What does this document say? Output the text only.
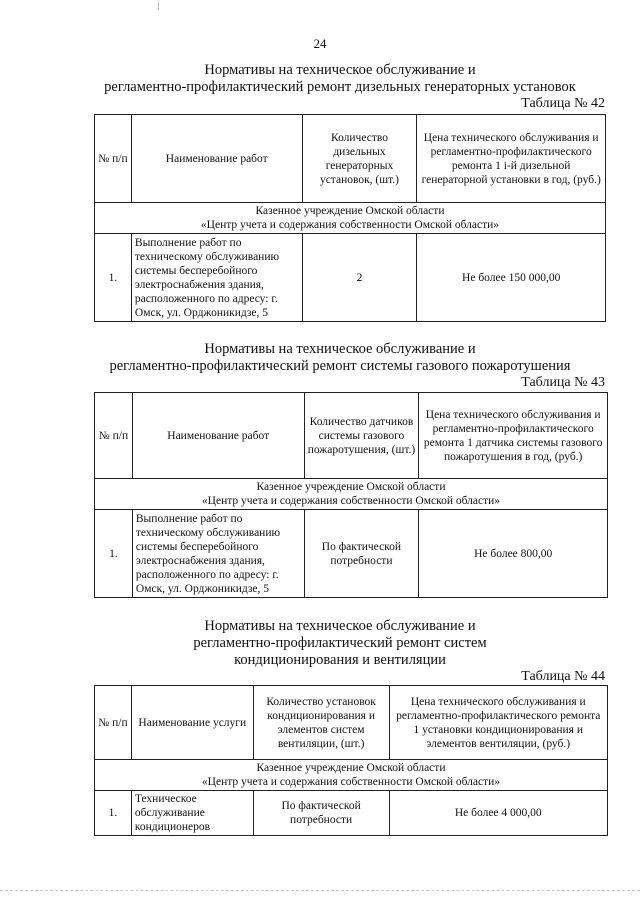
24
Нормативы на техническое обслуживание и
регламентно-профилактический ремонт дизельных генераторных установок
Таблица № 42
№ п/п	Наименование работ	Количество дизельных генераторных установок, (шт.)	Цена технического обслуживания и регламентно-профилактического ремонта 1 i-й дизельной генераторной установки в год, (руб.)

Казенное учреждение Омской области
«Центр учета и содержания собственности Омской области»			

1.	Выполнение работ по техническому обслуживанию системы бесперебойного электроснабжения здания, расположенного по адресу: г. Омск, ул. Орджоникидзе, 5	2	Не более 150 000,00
Нормативы на техническое обслуживание и
регламентно-профилактический ремонт системы газового пожаротушения
Таблица № 43
№ п/п	Наименование работ	Количество датчиков системы газового пожаротушения, (шт.)	Цена технического обслуживания и регламентно-профилактического ремонта 1 датчика системы газового пожаротушения в год, (руб.)

Казенное учреждение Омской области
«Центр учета и содержания собственности Омской области»			

1.	Выполнение работ по техническому обслуживанию системы бесперебойного электроснабжения здания, расположенного по адресу: г. Омск, ул. Орджоникидзе, 5	По фактической потребности	Не более 800,00
Нормативы на техническое обслуживание и
регламентно-профилактический ремонт систем
кондиционирования и вентиляции
Таблица № 44
№ п/п	Наименование услуги	Количество установок кондиционирования и элементов систем вентиляции, (шт.)	Цена технического обслуживания и регламентно-профилактического ремонта 1 установки кондиционирования и элементов вентиляции, (руб.)

Казенное учреждение Омской области
«Центр учета и содержания собственности Омской области»			

1.	Техническое обслуживание кондиционеров	По фактической потребности	Не более 4 000,00
